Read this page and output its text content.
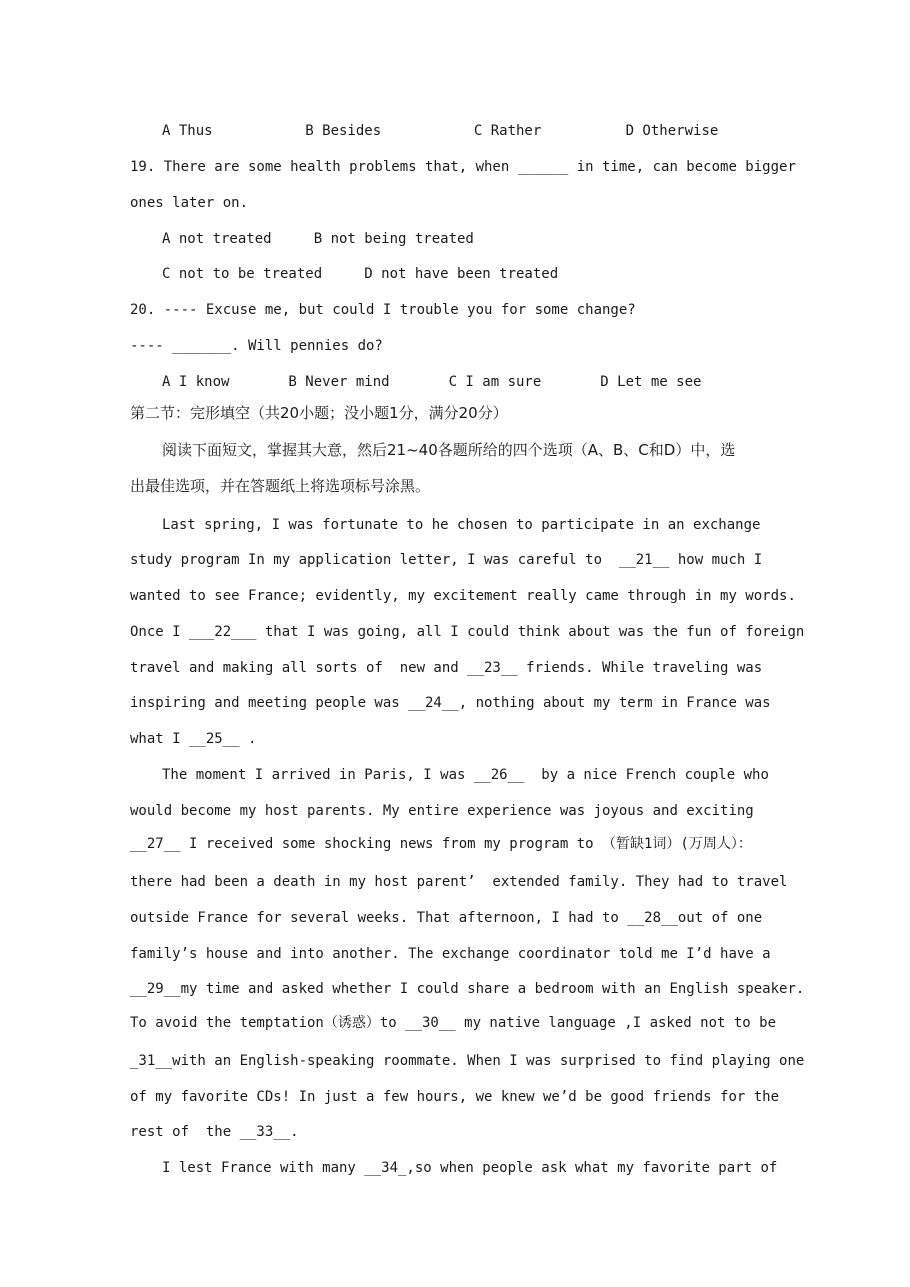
A Thus           B Besides           C Rather          D Otherwise
19. There are some health problems that, when ______ in time, can become bigger
ones later on.
A not treated     B not being treated
C not to be treated     D not have been treated
20. ---- Excuse me, but could I trouble you for some change?
---- _______. Will pennies do?
A I know       B Never mind       C I am sure       D Let me see
第二节：完形填空（共20小题；没小题1分，满分20分）
阅读下面短文，掌握其大意，然后21~40各题所给的四个选项（A、B、C和D）中，选
出最佳选项，并在答题纸上将选项标号涂黑。
Last spring, I was fortunate to he chosen to participate in an exchange
study program In my application letter, I was careful to  __21__ how much I
wanted to see France; evidently, my excitement really came through in my words.
Once I ___22___ that I was going, all I could think about was the fun of foreign
travel and making all sorts of  new and __23__ friends. While traveling was
inspiring and meeting people was __24__, nothing about my term in France was
what I __25__ .
The moment I arrived in Paris, I was __26__  by a nice French couple who
would become my host parents. My entire experience was joyous and exciting
__27__ I received some shocking news from my program to （暂缺1词）(万周人）：
there had been a death in my host parent’  extended family. They had to travel
outside France for several weeks. That afternoon, I had to __28__out of one
family’s house and into another. The exchange coordinator told me I’d have a
__29__my time and asked whether I could share a bedroom with an English speaker.
To avoid the temptation（诱惑）to __30__ my native language ,I asked not to be
_31__with an English-speaking roommate. When I was surprised to find playing one
of my favorite CDs! In just a few hours, we knew we’d be good friends for the
rest of  the __33__.
I lest France with many __34_,so when people ask what my favorite part of
